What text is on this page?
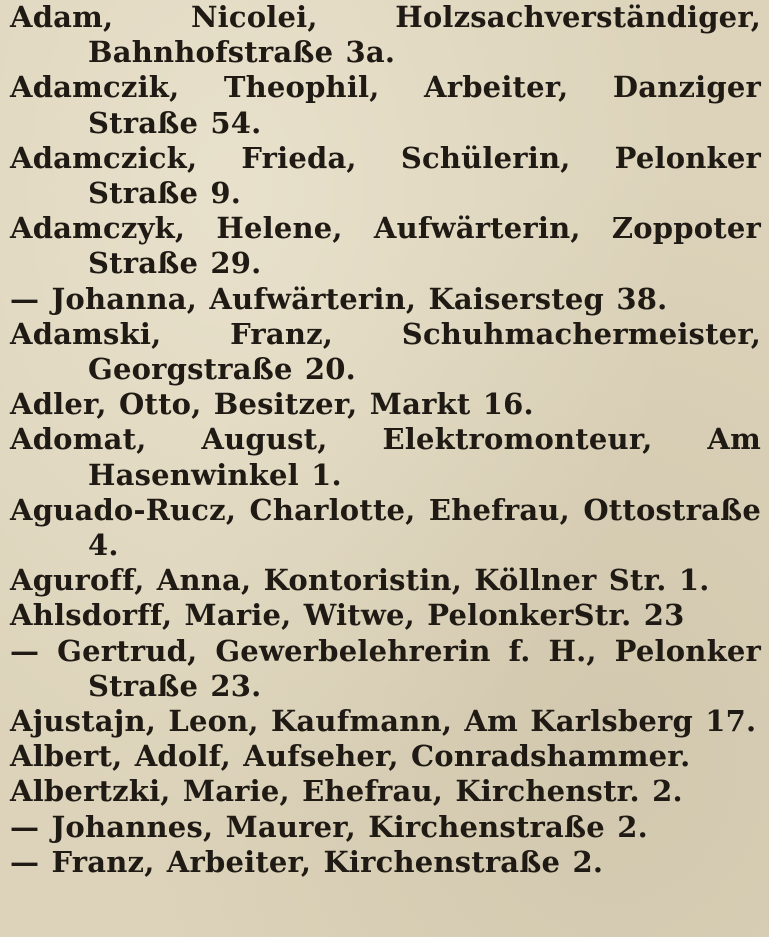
Adam, Nicolei, Holzsachverständiger, Bahnhofstraße 3a.
Adamczik, Theophil, Arbeiter, Danziger Straße 54.
Adamczick, Frieda, Schülerin, Pelonker Straße 9.
Adamczyk, Helene, Aufwärterin, Zoppoter Straße 29.
— Johanna, Aufwärterin, Kaisersteg 38.
Adamski, Franz, Schuhmachermeister, Georgstraße 20.
Adler, Otto, Besitzer, Markt 16.
Adomat, August, Elektromonteur, Am Hasenwinkel 1.
Aguado-Rucz, Charlotte, Ehefrau, Ottostraße 4.
Aguroff, Anna, Kontoristin, Köllner Str. 1.
Ahlsdorff, Marie, Witwe, PelonkerStr. 23
— Gertrud, Gewerbelehrerin f. H., Pelonker Straße 23.
Ajustajn, Leon, Kaufmann, Am Karlsberg 17.
Albert, Adolf, Aufseher, Conradshammer.
Albertzki, Marie, Ehefrau, Kirchenstr. 2.
— Johannes, Maurer, Kirchenstraße 2.
— Franz, Arbeiter, Kirchenstraße 2.
